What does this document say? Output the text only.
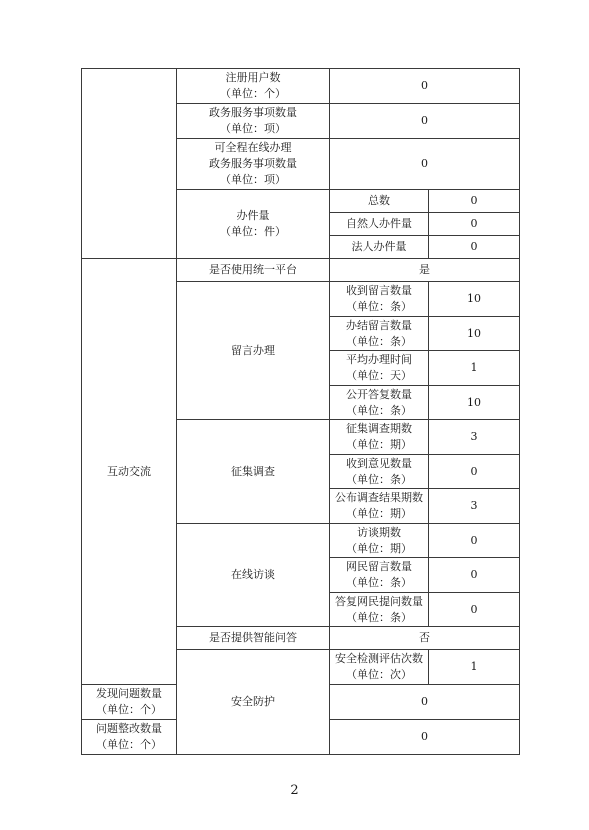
	注册用户数
（单位：个）	0	

	政务服务事项数量
（单位：项）	0	

	可全程在线办理
政务服务事项数量
（单位：项）	0	

	办件量
（单位：件）	总数	0
		自然人办件量	0
		法人办件量	0
互动交流	是否使用统一平台	是	
	留言办理	收到留言数量
（单位：条）	10

		办结留言数量
（单位：条）	10

		平均办理时间
（单位：天）	1

		公开答复数量
（单位：条）	10
	征集调查	征集调查期数
（单位：期）	3

		收到意见数量
（单位：条）	0

		公布调查结果期数
（单位：期）	3
	在线访谈	访谈期数
（单位：期）	0

		网民留言数量
（单位：条）	0

		答复网民提问数量
（单位：条）	0
	是否提供智能问答	否	
	安全防护	安全检测评估次数
（单位：次）	1

发现问题数量
（单位：个）		0	

问题整改数量
（单位：个）		0	
2
